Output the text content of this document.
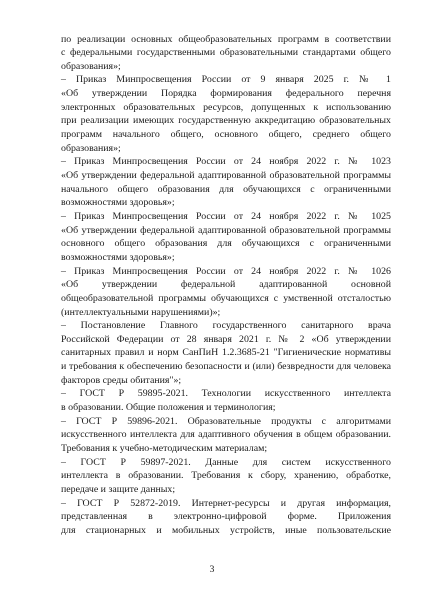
по реализации основных общеобразовательных программ в соответствии
с федеральными государственными образовательными стандартами общего
образования»;
– Приказ Минпросвещения России от 9 января 2025 г. № 1
«Об утверждении Порядка формирования федерального перечня
электронных образовательных ресурсов, допущенных к использованию
при реализации имеющих государственную аккредитацию образовательных
программ начального общего, основного общего, среднего общего
образования»;
– Приказ Минпросвещения России от 24 ноября 2022 г. № 1023
«Об утверждении федеральной адаптированной образовательной программы
начального общего образования для обучающихся с ограниченными
возможностями здоровья»;
– Приказ Минпросвещения России от 24 ноября 2022 г. № 1025
«Об утверждении федеральной адаптированной образовательной программы
основного общего образования для обучающихся с ограниченными
возможностями здоровья»;
– Приказ Минпросвещения России от 24 ноября 2022 г. № 1026
«Об утверждении федеральной адаптированной основной
общеобразовательной программы обучающихся с умственной отсталостью
(интеллектуальными нарушениями)»;
– Постановление Главного государственного санитарного врача
Российской Федерации от 28 января 2021 г. № 2 «Об утверждении
санитарных правил и норм СанПиН 1.2.3685-21 "Гигиенические нормативы
и требования к обеспечению безопасности и (или) безвредности для человека
факторов среды обитания"»;
– ГОСТ Р 59895-2021. Технологии искусственного интеллекта
в образовании. Общие положения и терминология;
– ГОСТ Р 59896-2021. Образовательные продукты с алгоритмами
искусственного интеллекта для адаптивного обучения в общем образовании.
Требования к учебно-методическим материалам;
– ГОСТ Р 59897-2021. Данные для систем искусственного
интеллекта в образовании. Требования к сбору, хранению, обработке,
передаче и защите данных;
– ГОСТ Р 52872-2019. Интернет-ресурсы и другая информация,
представленная в электронно-цифровой форме. Приложения
для стационарных и мобильных устройств, иные пользовательские
3
